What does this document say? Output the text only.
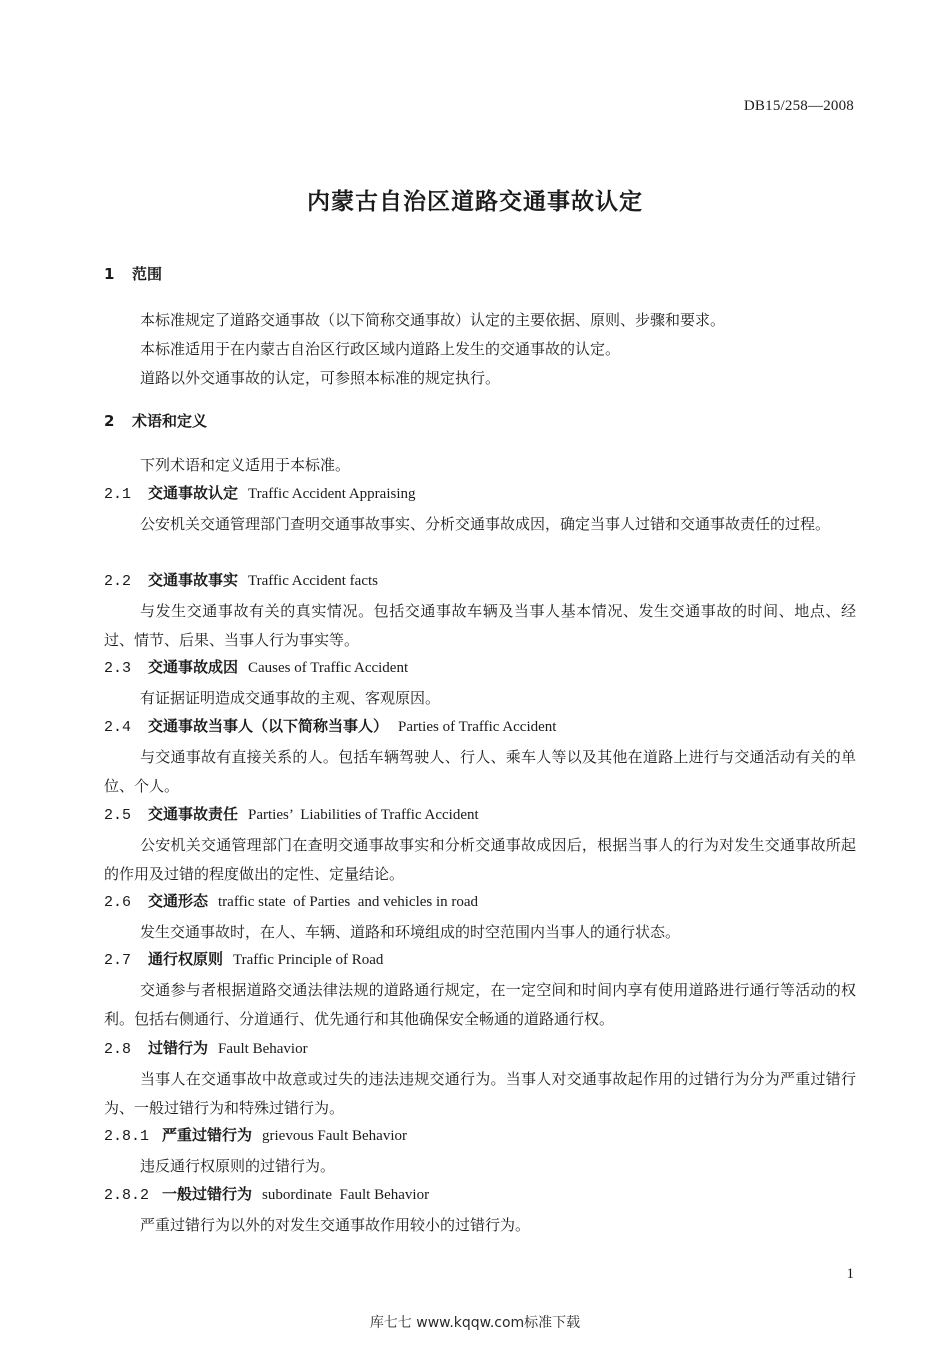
DB15/258—2008
内蒙古自治区道路交通事故认定
1 范围
本标准规定了道路交通事故（以下简称交通事故）认定的主要依据、原则、步骤和要求。
本标准适用于在内蒙古自治区行政区域内道路上发生的交通事故的认定。
道路以外交通事故的认定，可参照本标准的规定执行。
2 术语和定义
下列术语和定义适用于本标准。
2.1 交通事故认定 Traffic Accident Appraising
公安机关交通管理部门查明交通事故事实、分析交通事故成因，确定当事人过错和交通事故责任的过程。
2.2 交通事故事实 Traffic Accident facts
与发生交通事故有关的真实情况。包括交通事故车辆及当事人基本情况、发生交通事故的时间、地点、经过、情节、后果、当事人行为事实等。
2.3 交通事故成因 Causes of Traffic Accident
有证据证明造成交通事故的主观、客观原因。
2.4 交通事故当事人（以下简称当事人） Parties of Traffic Accident
与交通事故有直接关系的人。包括车辆驾驶人、行人、乘车人等以及其他在道路上进行与交通活动有关的单位、个人。
2.5 交通事故责任 Parties’  Liabilities of Traffic Accident
公安机关交通管理部门在查明交通事故事实和分析交通事故成因后，根据当事人的行为对发生交通事故所起的作用及过错的程度做出的定性、定量结论。
2.6 交通形态 traffic state  of Parties  and vehicles in road
发生交通事故时，在人、车辆、道路和环境组成的时空范围内当事人的通行状态。
2.7 通行权原则 Traffic Principle of Road
交通参与者根据道路交通法律法规的道路通行规定，在一定空间和时间内享有使用道路进行通行等活动的权利。包括右侧通行、分道通行、优先通行和其他确保安全畅通的道路通行权。
2.8 过错行为 Fault Behavior
当事人在交通事故中故意或过失的违法违规交通行为。当事人对交通事故起作用的过错行为分为严重过错行为、一般过错行为和特殊过错行为。
2.8.1 严重过错行为 grievous Fault Behavior
违反通行权原则的过错行为。
2.8.2 一般过错行为 subordinate  Fault Behavior
严重过错行为以外的对发生交通事故作用较小的过错行为。
1
库七七 www.kqqw.com标准下载
